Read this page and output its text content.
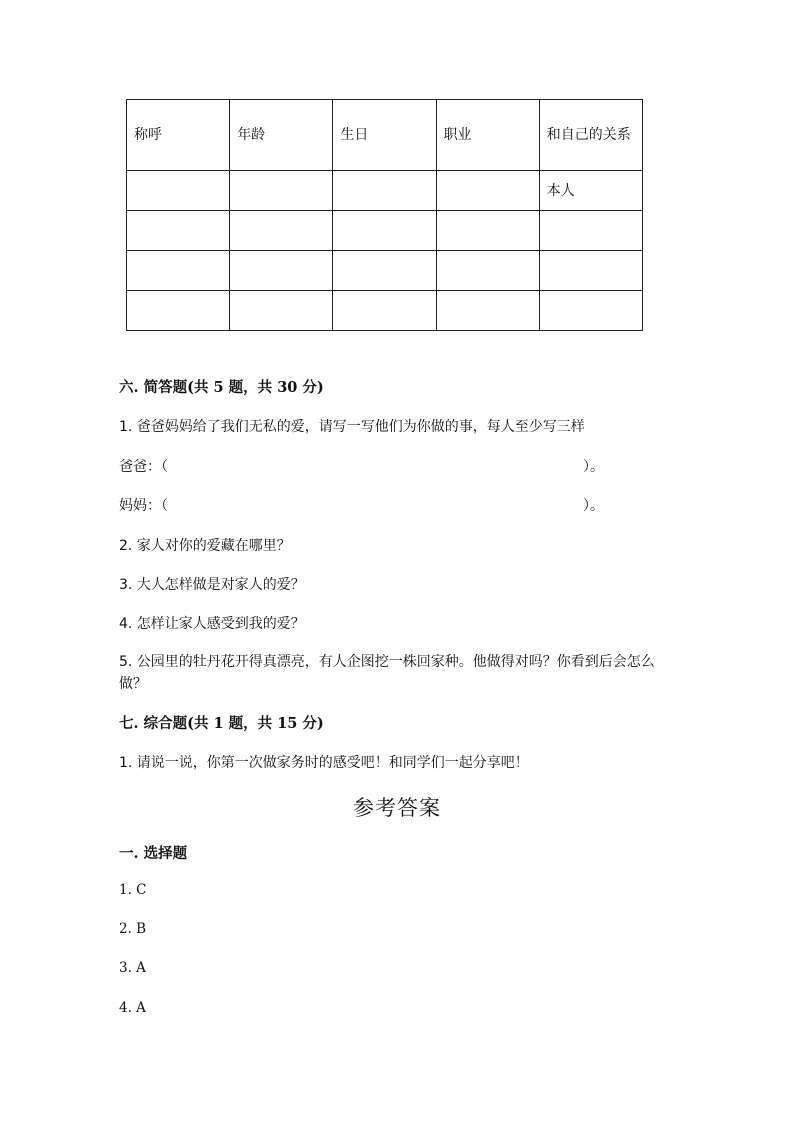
称呼	年龄	生日	职业	和自己的关系
				本人

六. 简答题(共 5 题，共 30 分)
1. 爸爸妈妈给了我们无私的爱，请写一写他们为你做的事，每人至少写三样
爸爸：（	）。
妈妈：（	）。
2. 家人对你的爱藏在哪里？
3. 大人怎样做是对家人的爱？
4. 怎样让家人感受到我的爱？
5. 公园里的牡丹花开得真漂亮，有人企图挖一株回家种。他做得对吗？你看到后会怎么做？
七. 综合题(共 1 题，共 15 分)
1. 请说一说，你第一次做家务时的感受吧！和同学们一起分享吧！
参考答案
一. 选择题
1. C
2. B
3. A
4. A
